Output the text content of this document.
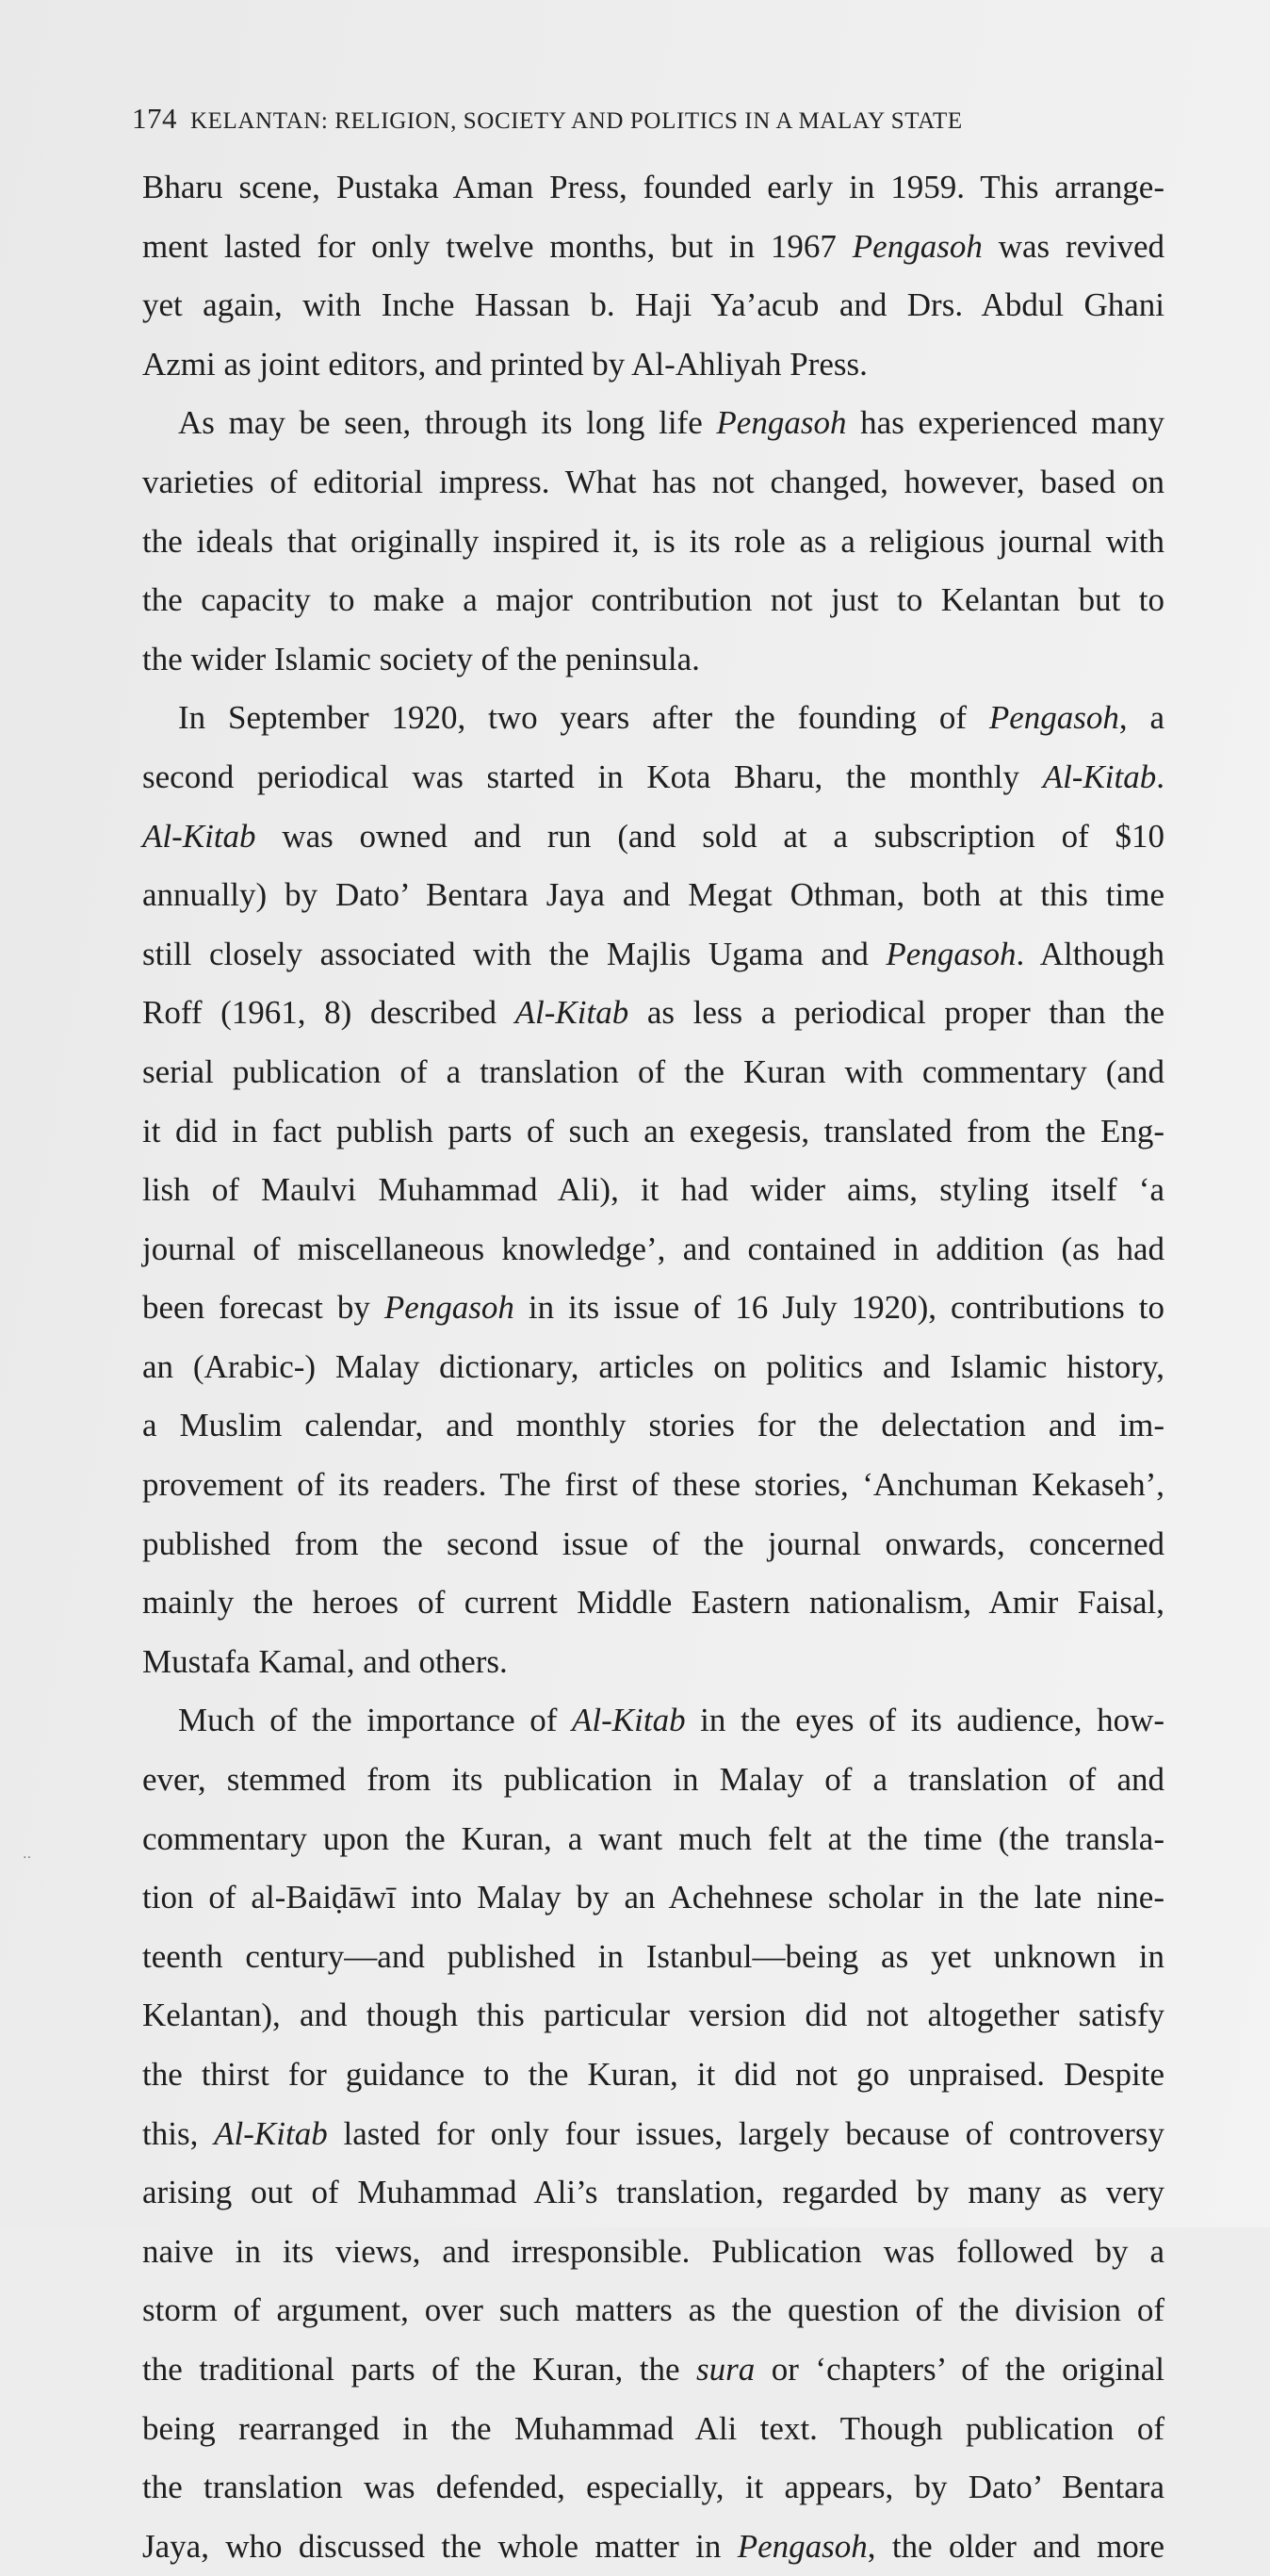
174 KELANTAN: RELIGION, SOCIETY AND POLITICS IN A MALAY STATE
Bharu scene, Pustaka Aman Press, founded early in 1959. This arrange-
ment lasted for only twelve months, but in 1967 Pengasoh was revived
yet again, with Inche Hassan b. Haji Ya’acub and Drs. Abdul Ghani
Azmi as joint editors, and printed by Al-Ahliyah Press.
As may be seen, through its long life Pengasoh has experienced many
varieties of editorial impress. What has not changed, however, based on
the ideals that originally inspired it, is its role as a religious journal with
the capacity to make a major contribution not just to Kelantan but to
the wider Islamic society of the peninsula.
In September 1920, two years after the founding of Pengasoh, a
second periodical was started in Kota Bharu, the monthly Al-Kitab.
Al-Kitab was owned and run (and sold at a subscription of $10
annually) by Dato’ Bentara Jaya and Megat Othman, both at this time
still closely associated with the Majlis Ugama and Pengasoh. Although
Roff (1961, 8) described Al-Kitab as less a periodical proper than the
serial publication of a translation of the Kuran with commentary (and
it did in fact publish parts of such an exegesis, translated from the Eng-
lish of Maulvi Muhammad Ali), it had wider aims, styling itself ‘a
journal of miscellaneous knowledge’, and contained in addition (as had
been forecast by Pengasoh in its issue of 16 July 1920), contributions to
an (Arabic-) Malay dictionary, articles on politics and Islamic history,
a Muslim calendar, and monthly stories for the delectation and im-
provement of its readers. The first of these stories, ‘Anchuman Kekaseh’,
published from the second issue of the journal onwards, concerned
mainly the heroes of current Middle Eastern nationalism, Amir Faisal,
Mustafa Kamal, and others.
Much of the importance of Al-Kitab in the eyes of its audience, how-
ever, stemmed from its publication in Malay of a translation of and
commentary upon the Kuran, a want much felt at the time (the transla-
tion of al-Baiḍāwī into Malay by an Achehnese scholar in the late nine-
teenth century—and published in Istanbul—being as yet unknown in
Kelantan), and though this particular version did not altogether satisfy
the thirst for guidance to the Kuran, it did not go unpraised. Despite
this, Al-Kitab lasted for only four issues, largely because of controversy
arising out of Muhammad Ali’s translation, regarded by many as very
naive in its views, and irresponsible. Publication was followed by a
storm of argument, over such matters as the question of the division of
the traditional parts of the Kuran, the sura or ‘chapters’ of the original
being rearranged in the Muhammad Ali text. Though publication of
the translation was defended, especially, it appears, by Dato’ Bentara
Jaya, who discussed the whole matter in Pengasoh, the older and more
․․
